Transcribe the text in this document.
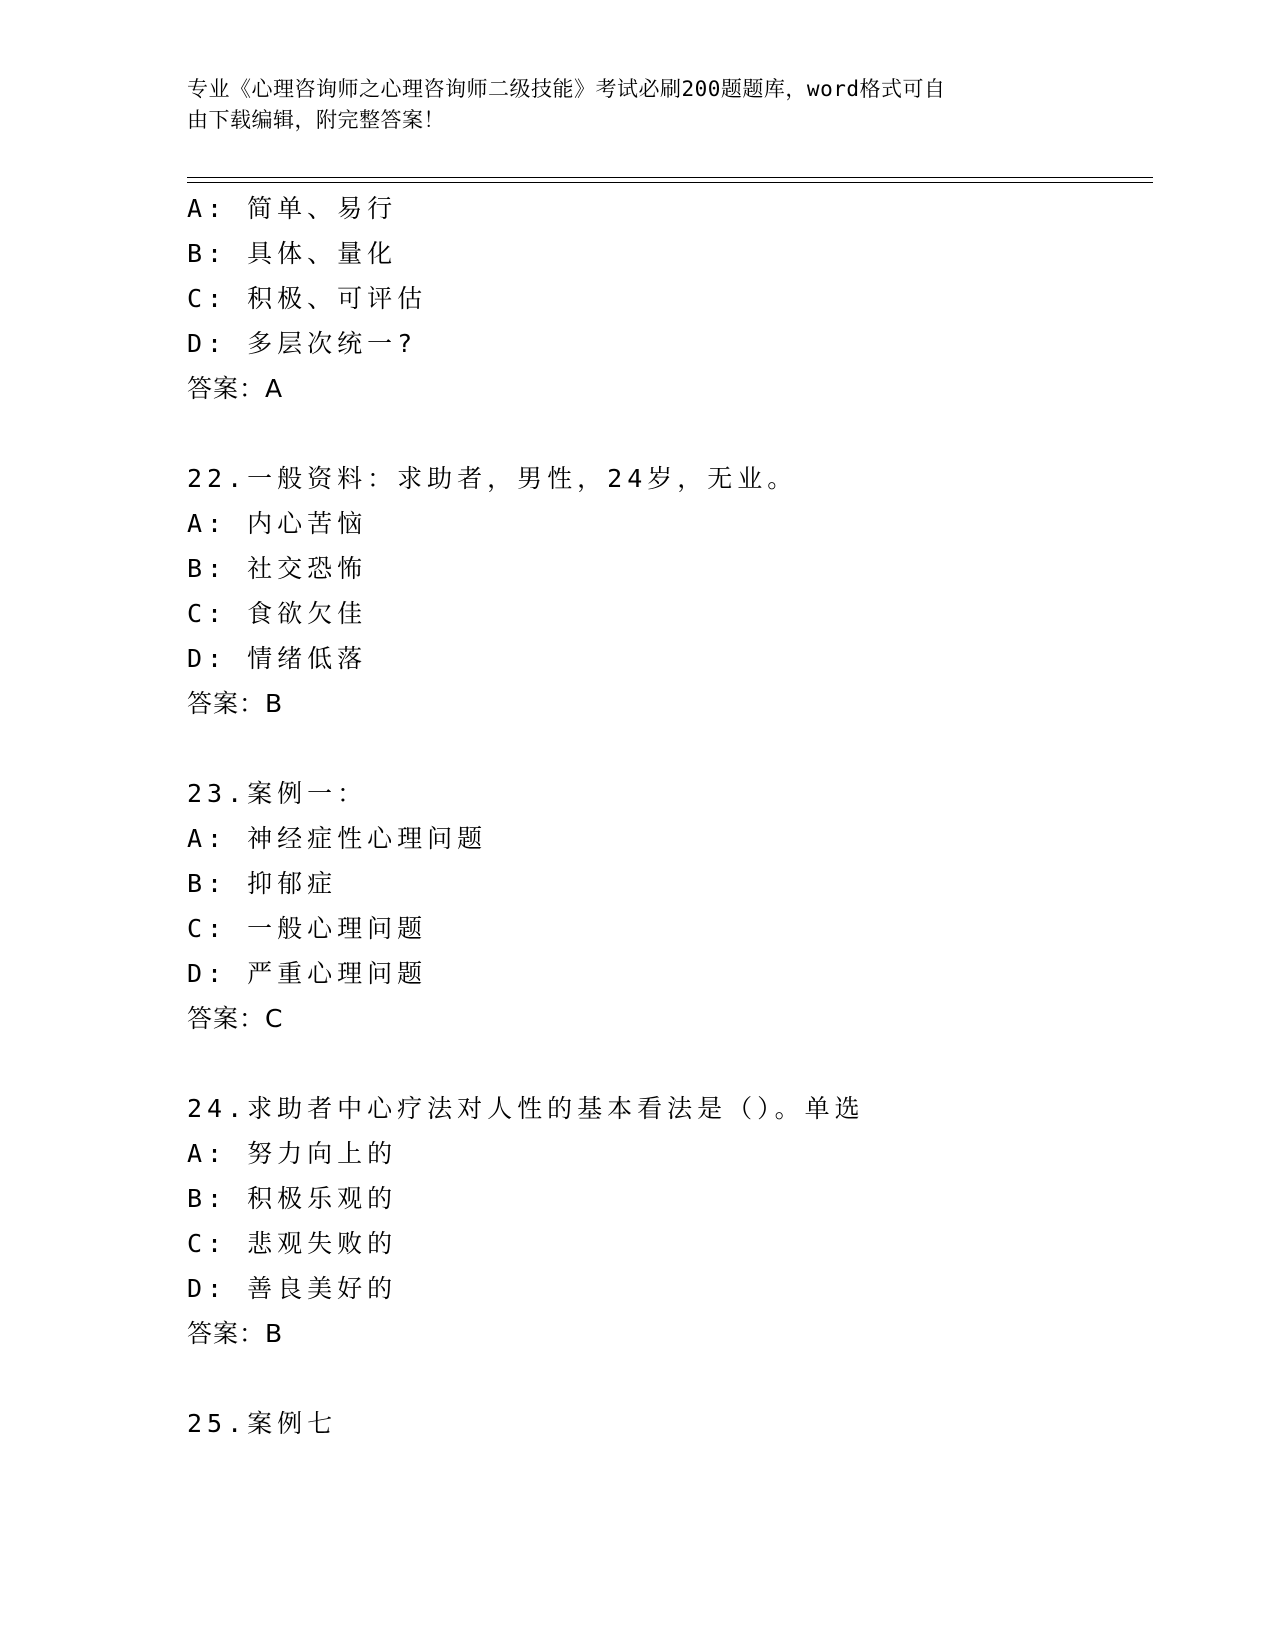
专业《心理咨询师之心理咨询师二级技能》考试必刷200题题库，word格式可自
由下载编辑，附完整答案！
A: 简单、易行
B: 具体、量化
C: 积极、可评估
D: 多层次统一?
答案：A
22.一般资料：求助者，男性，24岁，无业。
A: 内心苦恼
B: 社交恐怖
C: 食欲欠佳
D: 情绪低落
答案：B
23.案例一：
A: 神经症性心理问题
B: 抑郁症
C: 一般心理问题
D: 严重心理问题
答案：C
24.求助者中心疗法对人性的基本看法是（）。单选
A: 努力向上的
B: 积极乐观的
C: 悲观失败的
D: 善良美好的
答案：B
25.案例七
